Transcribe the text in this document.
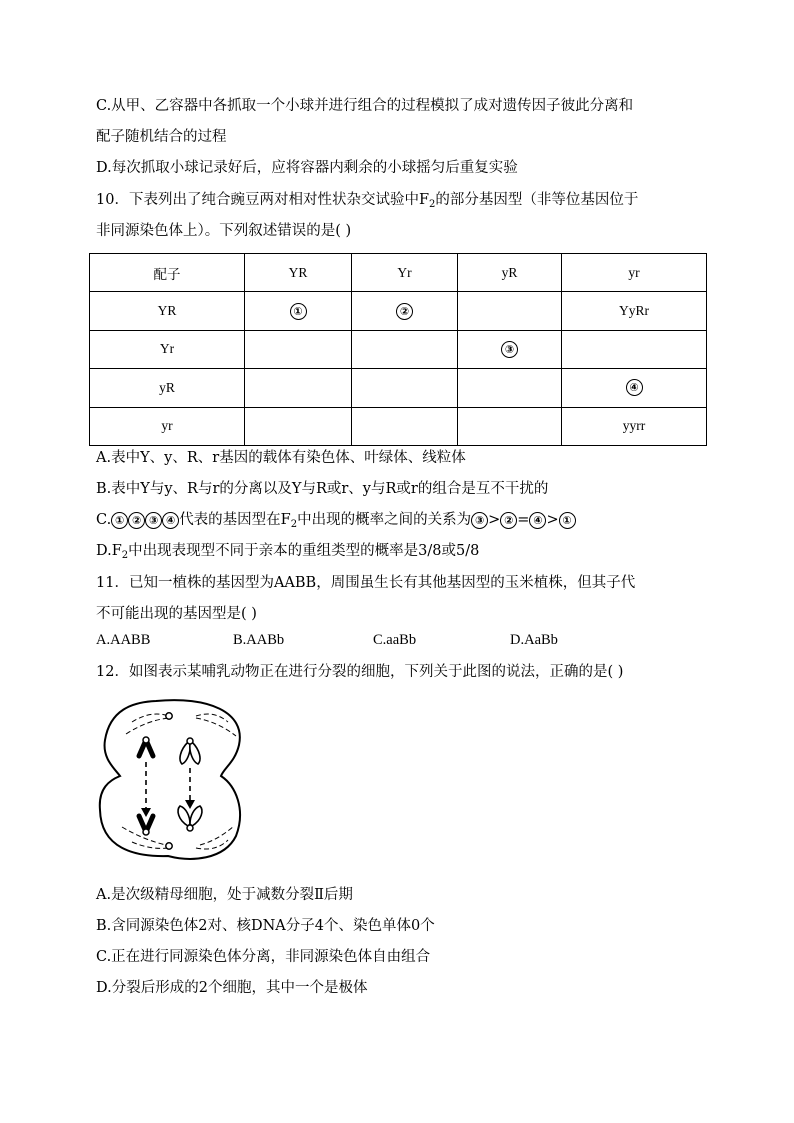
C.从甲、乙容器中各抓取一个小球并进行组合的过程模拟了成对遗传因子彼此分离和
配子随机结合的过程
D.每次抓取小球记录好后，应将容器内剩余的小球摇匀后重复实验
10．下表列出了纯合豌豆两对相对性状杂交试验中$F_2$的部分基因型（非等位基因位于
非同源染色体上）。下列叙述错误的是( )
配子	YR	Yr	yR	yr
YR	①	②		YyRr
Yr			③	
yR				④
yr				yyrr
A.表中Y、y、R、r基因的载体有染色体、叶绿体、线粒体
B.表中Y与y、R与r的分离以及Y与R或r、y与R或r的组合是互不干扰的
C. ① ② ③ ④ 代表的基因型在$F_2$中出现的概率之间的关系为 ③ > ② = ④ > ①
$D.F_2$中出现表现型不同于亲本的重组类型的概率是3/8或5/8
11．已知一植株的基因型为AABB，周围虽生长有其他基因型的玉米植株，但其子代
不可能出现的基因型是( )
A.AABB	B.AABb	C.aaBb	D.AaBb
12．如图表示某哺乳动物正在进行分裂的细胞，下列关于此图的说法，正确的是( )
A.是次级精母细胞，处于减数分裂Ⅱ后期
B.含同源染色体2对、核DNA分子4个、染色单体0个
C.正在进行同源染色体分离，非同源染色体自由组合
D.分裂后形成的2个细胞，其中一个是极体
